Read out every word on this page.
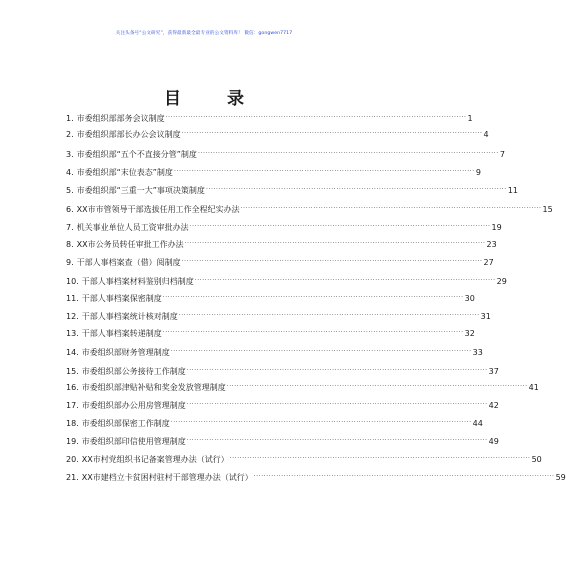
关注头条号“公文研究”，获得最新最全最专业的公文资料库！ 微信：gongwen7717
目 录
1. 市委组织部部务会议制度 ························································································································ 1
2. 市委组织部部长办公会议制度 ························································································································ 4
3. 市委组织部“五个不直接分管”制度 ························································································································ 7
4. 市委组织部“末位表态”制度 ························································································································ 9
5. 市委组织部“三重一大”事项决策制度 ························································································································ 11
6. XX市市管领导干部选拔任用工作全程纪实办法 ························································································································ 15
7. 机关事业单位人员工资审批办法 ························································································································ 19
8. XX市公务员转任审批工作办法 ························································································································ 23
9. 干部人事档案查（借）阅制度 ························································································································ 27
10. 干部人事档案材料鉴别归档制度 ························································································································ 29
11. 干部人事档案保密制度 ························································································································ 30
12. 干部人事档案统计核对制度 ························································································································ 31
13. 干部人事档案转递制度 ························································································································ 32
14. 市委组织部财务管理制度 ························································································································ 33
15. 市委组织部公务接待工作制度 ························································································································ 37
16. 市委组织部津贴补贴和奖金发放管理制度 ························································································································ 41
17. 市委组织部办公用房管理制度 ························································································································ 42
18. 市委组织部保密工作制度 ························································································································ 44
19. 市委组织部印信使用管理制度 ························································································································ 49
20. XX市村党组织书记备案管理办法（试行） ························································································································ 50
21. XX市建档立卡贫困村驻村干部管理办法（试行） ························································································································ 59
